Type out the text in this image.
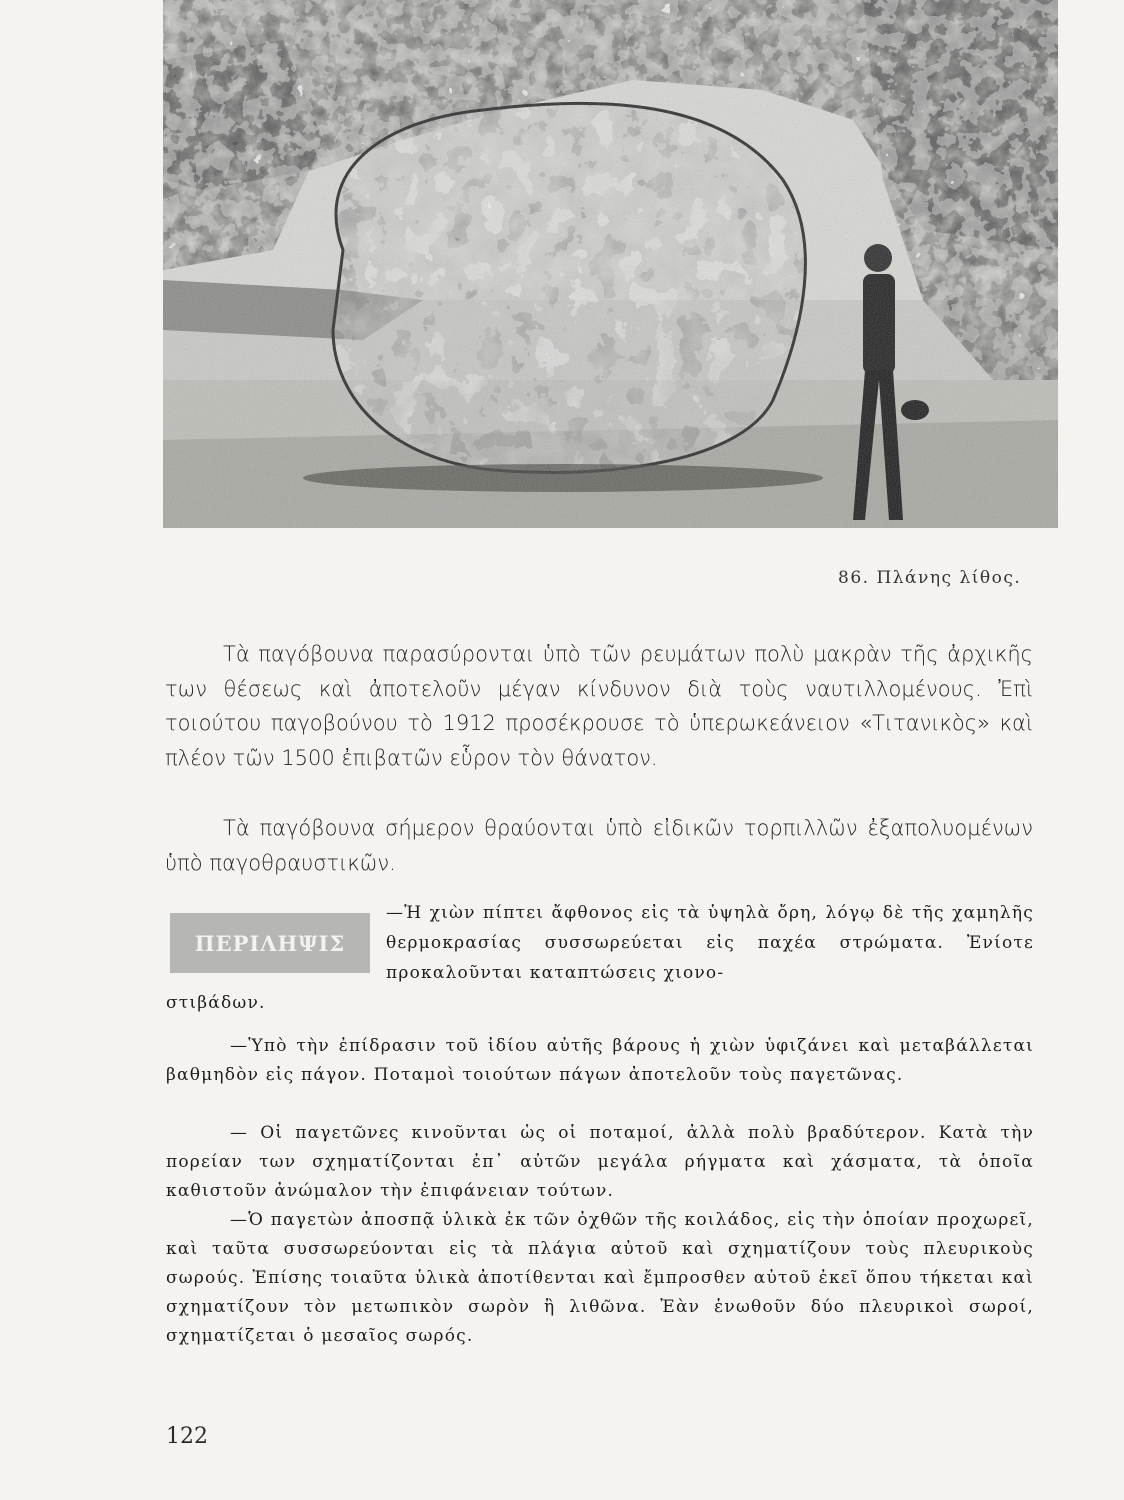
86. Πλάνης λίθος.

Τὰ παγόβουνα παρασύρονται ὑπὸ τῶν ρευμάτων πολὺ μακρὰν τῆς ἀρχικῆς των θέσεως καὶ ἀποτελοῦν μέγαν κίνδυνον διὰ τοὺς ναυτιλλομένους. Ἐπὶ τοιούτου παγοβούνου τὸ 1912 προσέκρουσε τὸ ὑπερωκεάνειον «Τιτανικὸς» καὶ πλέον τῶν 1500 ἐπιβατῶν εὗρον τὸν θάνατον.

Τὰ παγόβουνα σήμερον θραύονται ὑπὸ εἰδικῶν τορπιλλῶν ἐξαπολυομένων ὑπὸ παγοθραυστικῶν.

ΠΕΡΙΛΗΨΙΣ

—Ἡ χιὼν πίπτει ἄφθονος εἰς τὰ ὑψηλὰ ὄρη, λόγῳ δὲ τῆς χαμηλῆς θερμοκρασίας συσσωρεύεται εἰς παχέα στρώματα. Ἐνίοτε προκαλοῦνται καταπτώσεις χιονο-

στιβάδων.

—Ὑπὸ τὴν ἐπίδρασιν τοῦ ἰδίου αὐτῆς βάρους ἡ χιὼν ὑφιζάνει καὶ μεταβάλλεται βαθμηδὸν εἰς πάγον. Ποταμοὶ τοιούτων πάγων ἀποτελοῦν τοὺς παγετῶνας.

— Οἱ παγετῶνες κινοῦνται ὡς οἱ ποταμοί, ἀλλὰ πολὺ βραδύτερον. Κατὰ τὴν πορείαν των σχηματίζονται ἐπ᾽ αὐτῶν μεγάλα ρήγματα καὶ χάσματα, τὰ ὁποῖα καθιστοῦν ἀνώμαλον τὴν ἐπιφάνειαν τούτων.

—Ὁ παγετὼν ἀποσπᾷ ὑλικὰ ἐκ τῶν ὀχθῶν τῆς κοιλάδος, εἰς τὴν ὁποίαν προχωρεῖ, καὶ ταῦτα συσσωρεύονται εἰς τὰ πλάγια αὐτοῦ καὶ σχηματίζουν τοὺς πλευρικοὺς σωρούς. Ἐπίσης τοιαῦτα ὑλικὰ ἀποτίθενται καὶ ἔμπροσθεν αὐτοῦ ἐκεῖ ὅπου τήκεται καὶ σχηματίζουν τὸν μετωπικὸν σωρὸν ἢ λιθῶνα. Ἐὰν ἑνωθοῦν δύο πλευρικοὶ σωροί, σχηματίζεται ὁ μεσαῖος σωρός.

122
